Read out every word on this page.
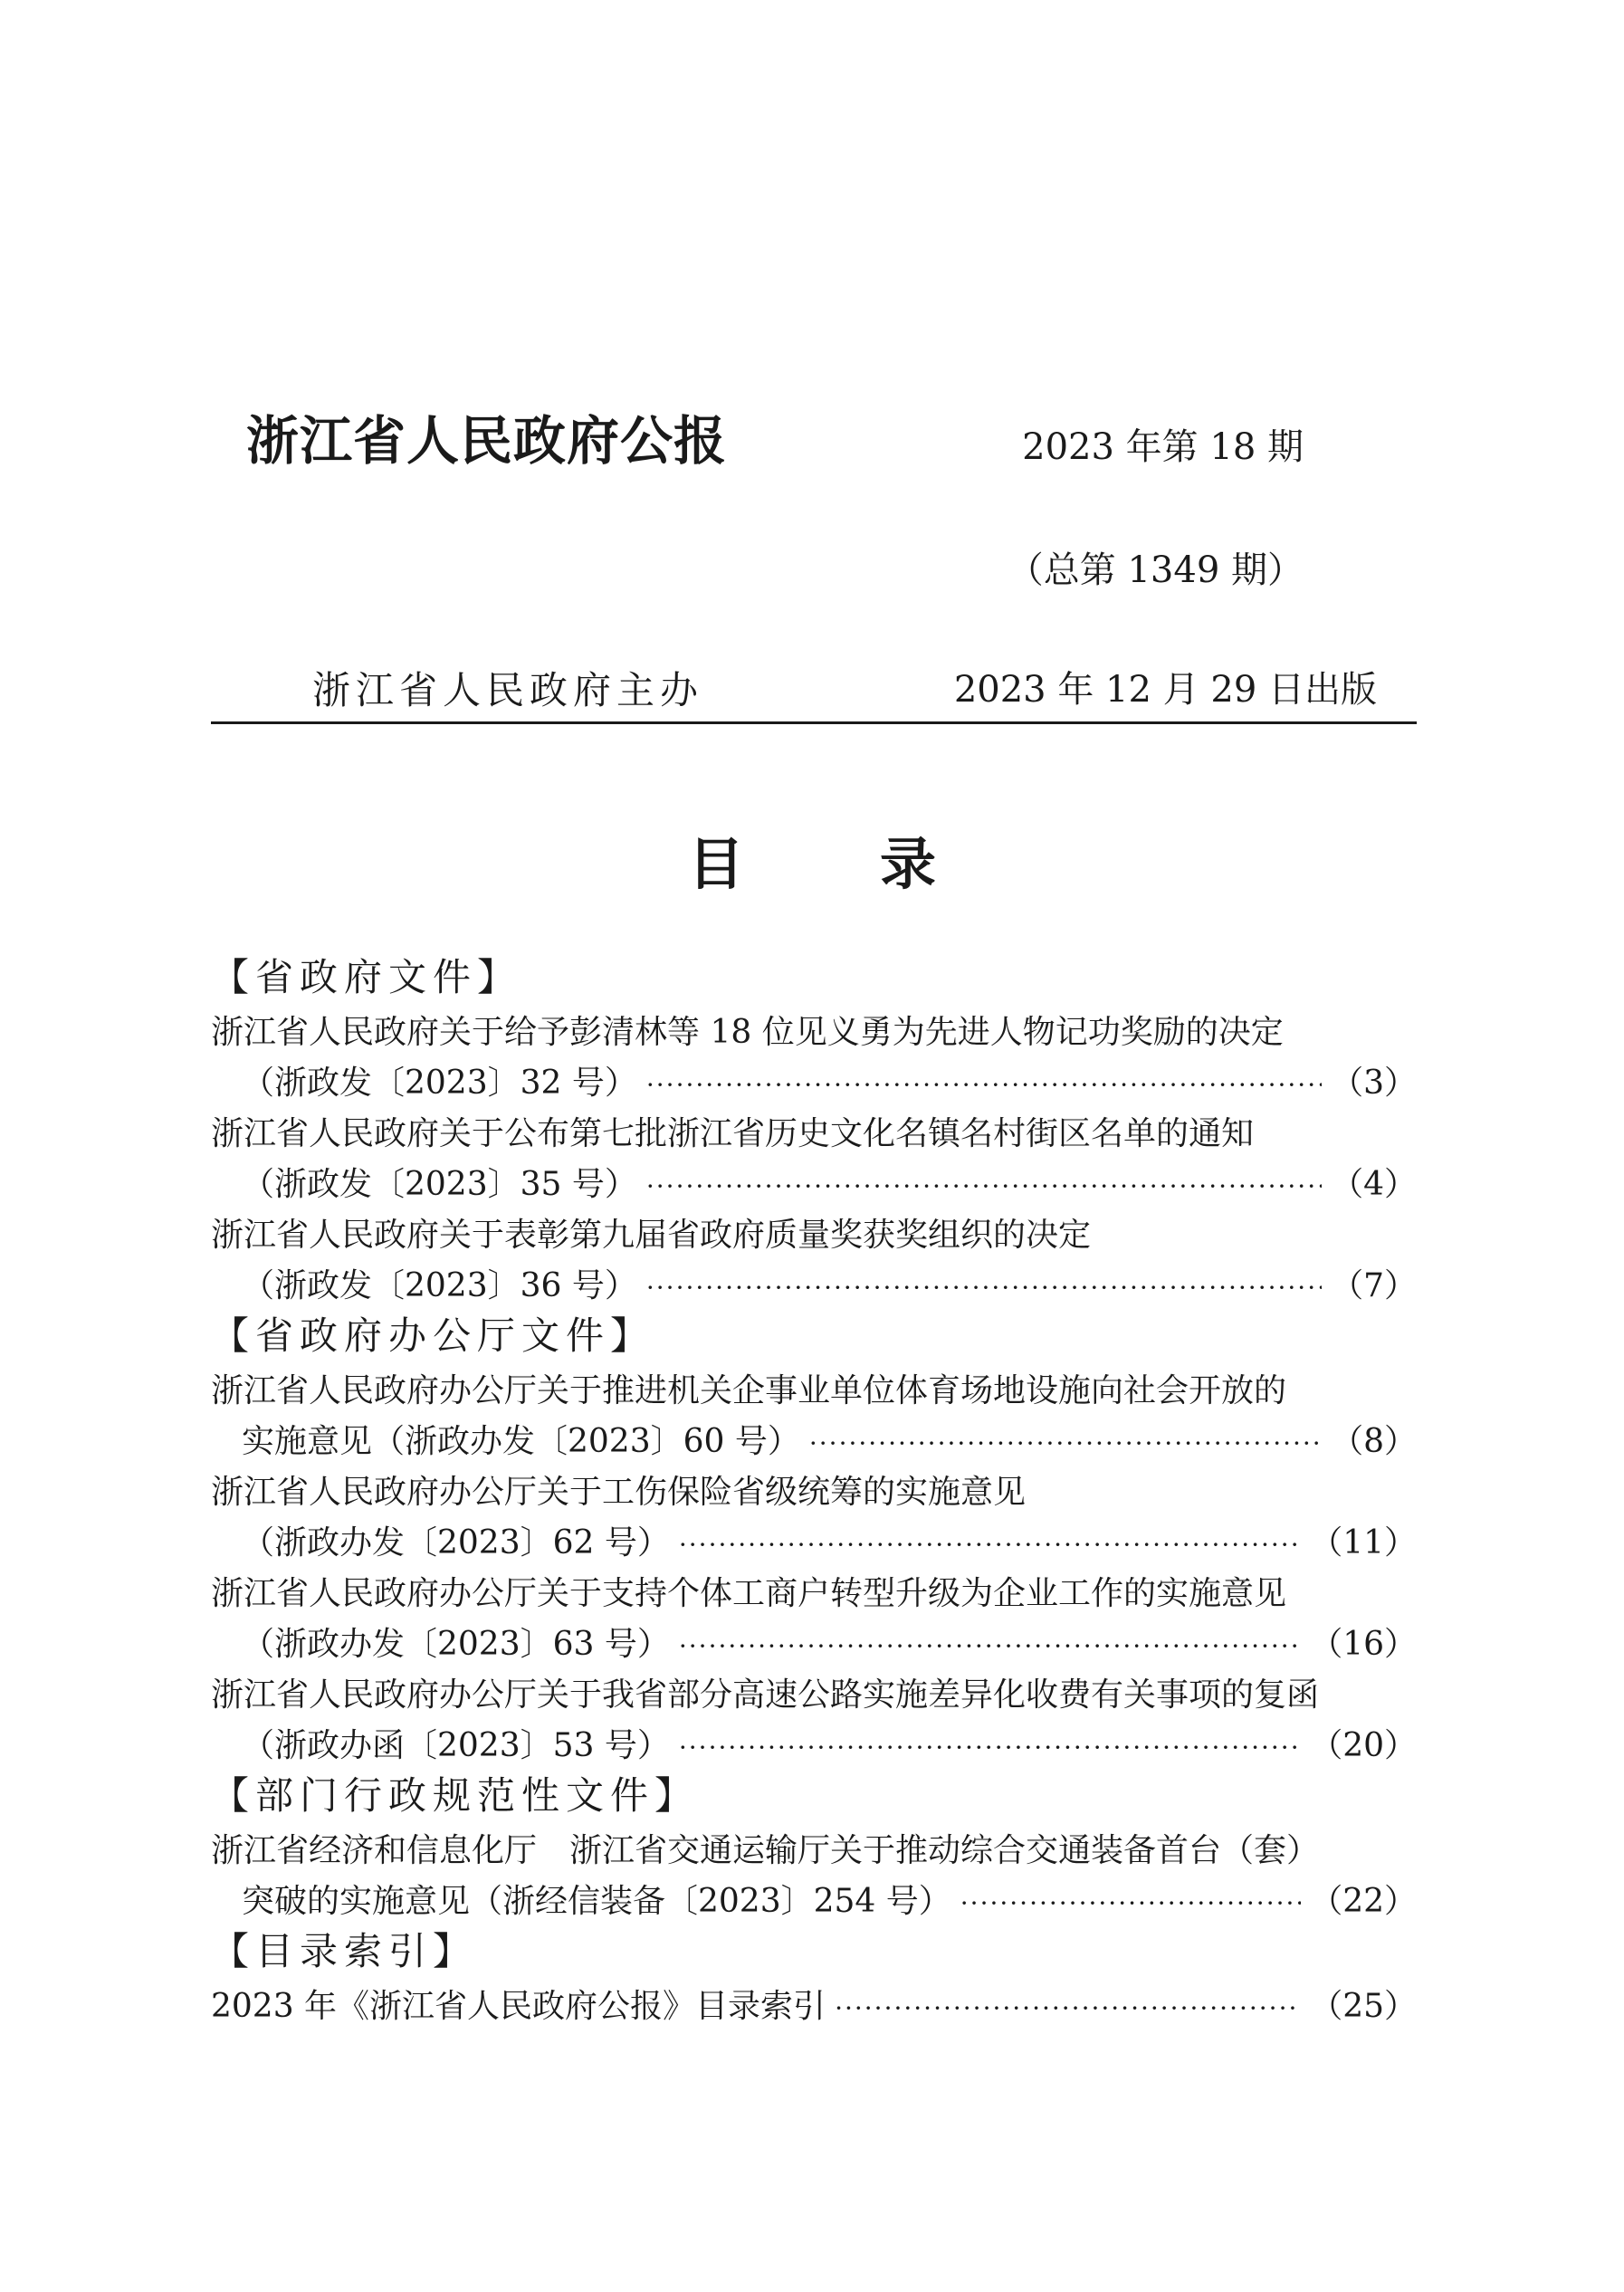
浙江省人民政府公报	2023 年第 18 期
（总第 1349 期）
浙江省人民政府主办	2023 年 12 月 29 日出版
目录
【省政府文件】
浙江省人民政府关于给予彭清林等 18 位见义勇为先进人物记功奖励的决定
（浙政发〔2023〕32 号） ·····	（3）
浙江省人民政府关于公布第七批浙江省历史文化名镇名村街区名单的通知
（浙政发〔2023〕35 号） ·····	（4）
浙江省人民政府关于表彰第九届省政府质量奖获奖组织的决定
（浙政发〔2023〕36 号） ·····	（7）
【省政府办公厅文件】
浙江省人民政府办公厅关于推进机关企事业单位体育场地设施向社会开放的
实施意见（浙政办发〔2023〕60 号） ·····	（8）
浙江省人民政府办公厅关于工伤保险省级统筹的实施意见
（浙政办发〔2023〕62 号） ·····	（11）
浙江省人民政府办公厅关于支持个体工商户转型升级为企业工作的实施意见
（浙政办发〔2023〕63 号） ·····	（16）
浙江省人民政府办公厅关于我省部分高速公路实施差异化收费有关事项的复函
（浙政办函〔2023〕53 号） ·····	（20）
【部门行政规范性文件】
浙江省经济和信息化厅　浙江省交通运输厅关于推动综合交通装备首台（套）
突破的实施意见（浙经信装备〔2023〕254 号） ·····	（22）
【目录索引】
2023 年《浙江省人民政府公报》目录索引 ·····	（25）
